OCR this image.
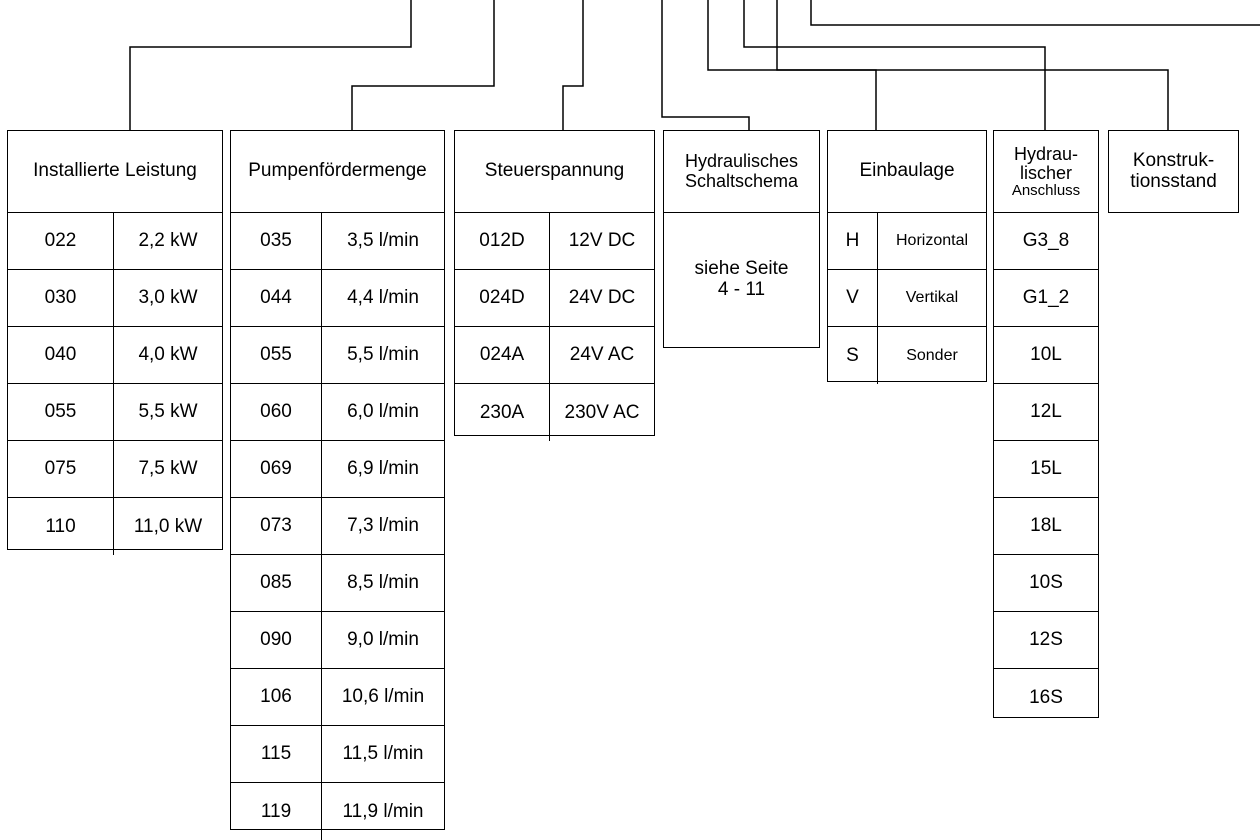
Installierte Leistung
022	2,2 kW
030	3,0 kW
040	4,0 kW
055	5,5 kW
075	7,5 kW
110	11,0 kW
Pumpenfördermenge
035	3,5 l/min
044	4,4 l/min
055	5,5 l/min
060	6,0 l/min
069	6,9 l/min
073	7,3 l/min
085	8,5 l/min
090	9,0 l/min
106	10,6 l/min
115	11,5 l/min
119	11,9 l/min
Steuerspannung
012D	12V DC
024D	24V DC
024A	24V AC
230A	230V AC
Hydraulisches
Schaltschema
siehe Seite
4 - 11
Einbaulage
H	Horizontal
V	Vertikal
S	Sonder
Hydrau-
lischer
Anschluss
G3_8
G1_2
10L
12L
15L
18L
10S
12S
16S
Konstruk-
tionsstand
